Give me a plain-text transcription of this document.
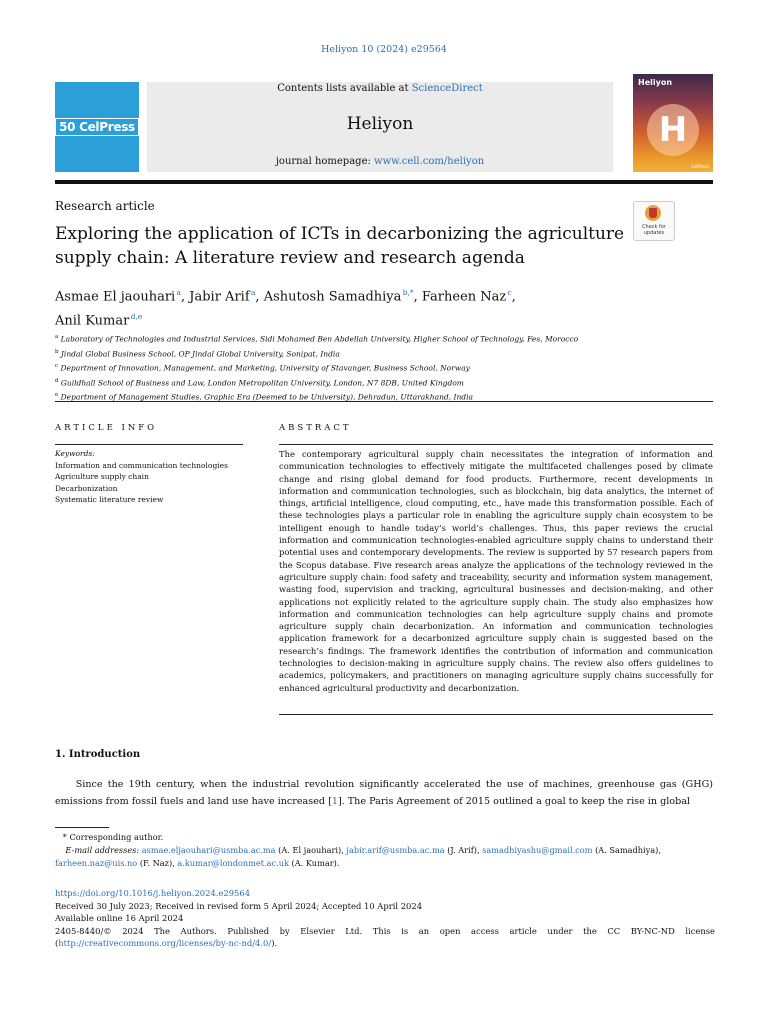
Heliyon 10 (2024) e29564
50 CelPress
Contents lists available at ScienceDirect
Heliyon
journal homepage: www.cell.com/heliyon
Heliyon
H
CellPress
Research article
Check for
updates
Exploring the application of ICTs in decarbonizing the agriculture
supply chain: A literature review and research agenda
Asmae El jaouhari $^a$, Jabir Arif $^a$, Ashutosh Samadhiya $^{b,*}$, Farheen Naz $^c$,
Anil Kumar $^{d,e}$
$^a$ Laboratory of Technologies and Industrial Services, Sidi Mohamed Ben Abdellah University, Higher School of Technology, Fes, Morocco
$^b$ Jindal Global Business School, OP Jindal Global University, Sonipat, India
$^c$ Department of Innovation, Management, and Marketing, University of Stavanger, Business School, Norway
$^d$ Guildhall School of Business and Law, London Metropolitan University, London, N7 8DB, United Kingdom
$^e$ Department of Management Studies, Graphic Era (Deemed to be University), Dehradun, Uttarakhand, India
ARTICLE INFO
Keywords:
Information and communication technologies
Agriculture supply chain
Decarbonization
Systematic literature review
ABSTRACT
The contemporary agricultural supply chain necessitates the integration of information and communication technologies to effectively mitigate the multifaceted challenges posed by climate change and rising global demand for food products. Furthermore, recent developments in information and communication technologies, such as blockchain, big data analytics, the internet of things, artificial intelligence, cloud computing, etc., have made this transformation possible. Each of these technologies plays a particular role in enabling the agriculture supply chain ecosystem to be intelligent enough to handle today’s world’s challenges. Thus, this paper reviews the crucial information and communication technologies-enabled agriculture supply chains to understand their potential uses and contemporary developments. The review is supported by 57 research papers from the Scopus database. Five research areas analyze the applications of the technology reviewed in the agriculture supply chain: food safety and traceability, security and information system management, wasting food, supervision and tracking, agricultural businesses and decision-making, and other applications not explicitly related to the agriculture supply chain. The study also emphasizes how information and communication technologies can help agriculture supply chains and promote agriculture supply chain decarbonization. An information and communication technologies application framework for a decarbonized agriculture supply chain is suggested based on the research’s findings. The framework identifies the contribution of information and communication technologies to decision-making in agriculture supply chains. The review also offers guidelines to academics, policymakers, and practitioners on managing agriculture supply chains successfully for enhanced agricultural productivity and decarbonization.
1. Introduction
Since the 19th century, when the industrial revolution significantly accelerated the use of machines, greenhouse gas (GHG) emissions from fossil fuels and land use have increased [1]. The Paris Agreement of 2015 outlined a goal to keep the rise in global
* Corresponding author.
E-mail addresses: asmae.eljaouhari@usmba.ac.ma (A. El jaouhari), jabir.arif@usmba.ac.ma (J. Arif), samadhiyashu@gmail.com (A. Samadhiya),
farheen.naz@uis.no (F. Naz), a.kumar@londonmet.ac.uk (A. Kumar).
https://doi.org/10.1016/j.heliyon.2024.e29564
Received 30 July 2023; Received in revised form 5 April 2024; Accepted 10 April 2024
Available online 16 April 2024
2405-8440/© 2024 The Authors. Published by Elsevier Ltd. This is an open access article under the CC BY-NC-ND license
(http://creativecommons.org/licenses/by-nc-nd/4.0/).
